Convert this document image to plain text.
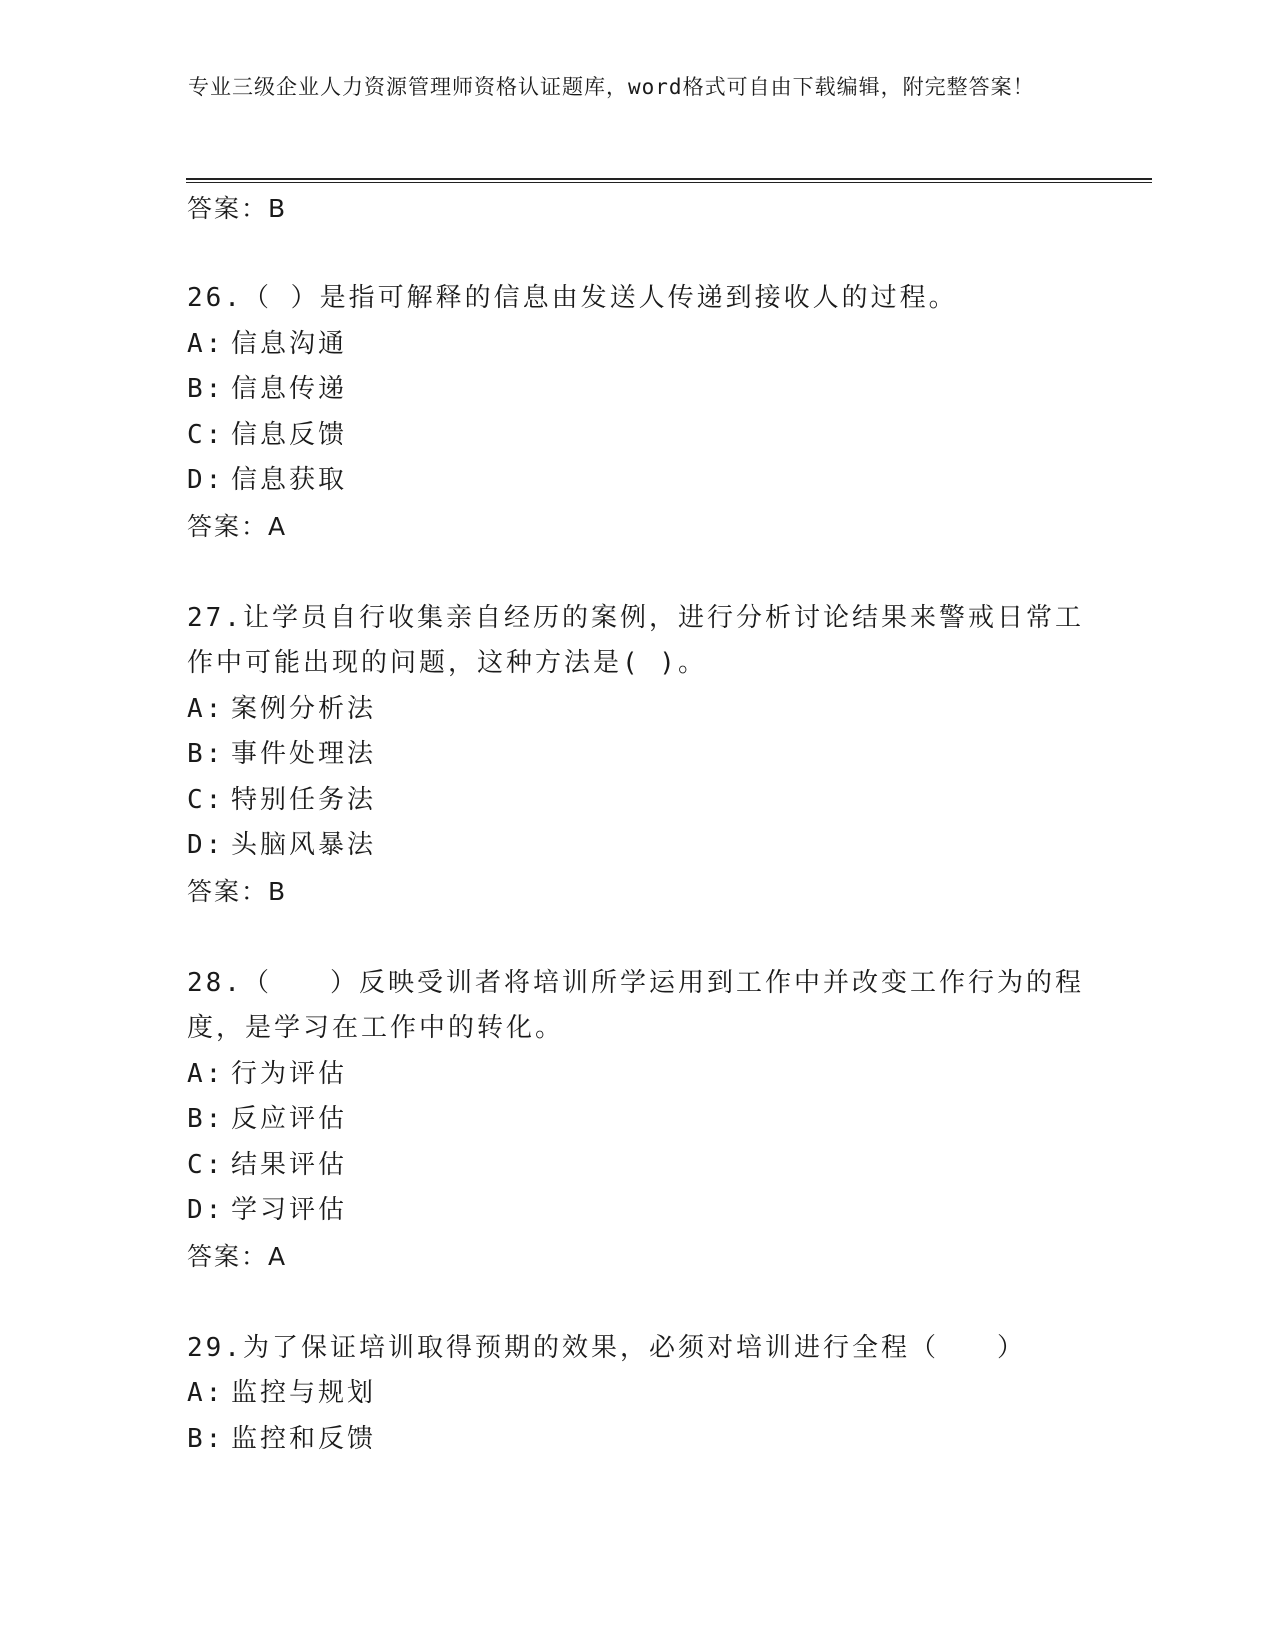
专业三级企业人力资源管理师资格认证题库，word格式可自由下载编辑，附完整答案！

答案：B

26.（ ）是指可解释的信息由发送人传递到接收人的过程。

A: 信息沟通

B: 信息传递

C: 信息反馈

D: 信息获取

答案：A

27.让学员自行收集亲自经历的案例，进行分析讨论结果来警戒日常工作中可能出现的问题，这种方法是( )。

A: 案例分析法

B: 事件处理法

C: 特别任务法

D: 头脑风暴法

答案：B

28.（　　）反映受训者将培训所学运用到工作中并改变工作行为的程度，是学习在工作中的转化。

A: 行为评估

B: 反应评估

C: 结果评估

D: 学习评估

答案：A

29.为了保证培训取得预期的效果，必须对培训进行全程（　　）

A: 监控与规划

B: 监控和反馈
